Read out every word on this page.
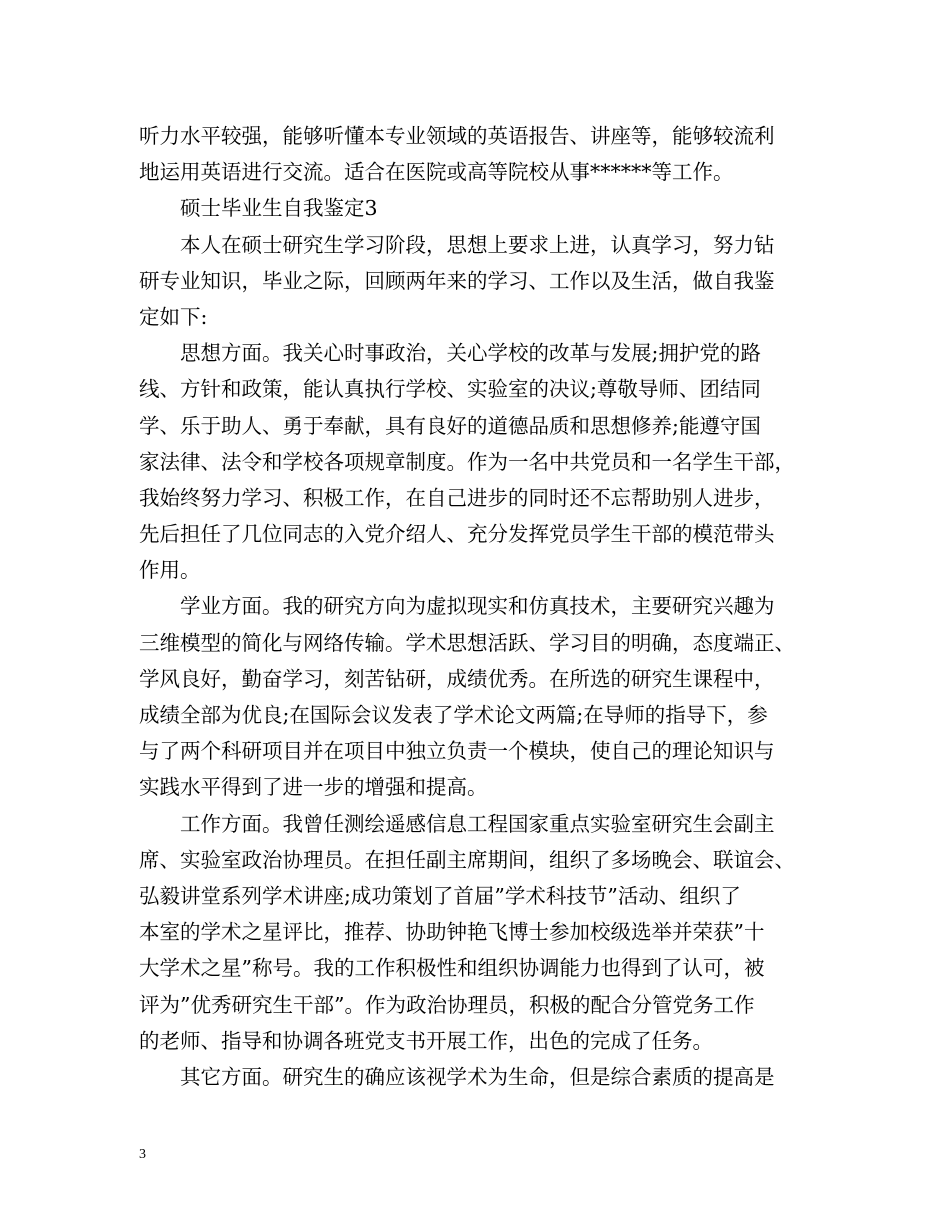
听力水平较强，能够听懂本专业领域的英语报告、讲座等，能够较流利
地运用英语进行交流。适合在医院或高等院校从事******等工作。
硕士毕业生自我鉴定3
本人在硕士研究生学习阶段，思想上要求上进，认真学习，努力钻
研专业知识，毕业之际，回顾两年来的学习、工作以及生活，做自我鉴
定如下:
思想方面。我关心时事政治，关心学校的改革与发展;拥护党的路
线、方针和政策，能认真执行学校、实验室的决议;尊敬导师、团结同
学、乐于助人、勇于奉献，具有良好的道德品质和思想修养;能遵守国
家法律、法令和学校各项规章制度。作为一名中共党员和一名学生干部，
我始终努力学习、积极工作，在自己进步的同时还不忘帮助别人进步，
先后担任了几位同志的入党介绍人、充分发挥党员学生干部的模范带头
作用。
学业方面。我的研究方向为虚拟现实和仿真技术，主要研究兴趣为
三维模型的简化与网络传输。学术思想活跃、学习目的明确，态度端正、
学风良好，勤奋学习，刻苦钻研，成绩优秀。在所选的研究生课程中，
成绩全部为优良;在国际会议发表了学术论文两篇;在导师的指导下，参
与了两个科研项目并在项目中独立负责一个模块，使自己的理论知识与
实践水平得到了进一步的增强和提高。
工作方面。我曾任测绘遥感信息工程国家重点实验室研究生会副主
席、实验室政治协理员。在担任副主席期间，组织了多场晚会、联谊会、
弘毅讲堂系列学术讲座;成功策划了首届”学术科技节”活动、组织了
本室的学术之星评比，推荐、协助钟艳飞博士参加校级选举并荣获”十
大学术之星”称号。我的工作积极性和组织协调能力也得到了认可，被
评为”优秀研究生干部”。作为政治协理员，积极的配合分管党务工作
的老师、指导和协调各班党支书开展工作，出色的完成了任务。
其它方面。研究生的确应该视学术为生命，但是综合素质的提高是
3
